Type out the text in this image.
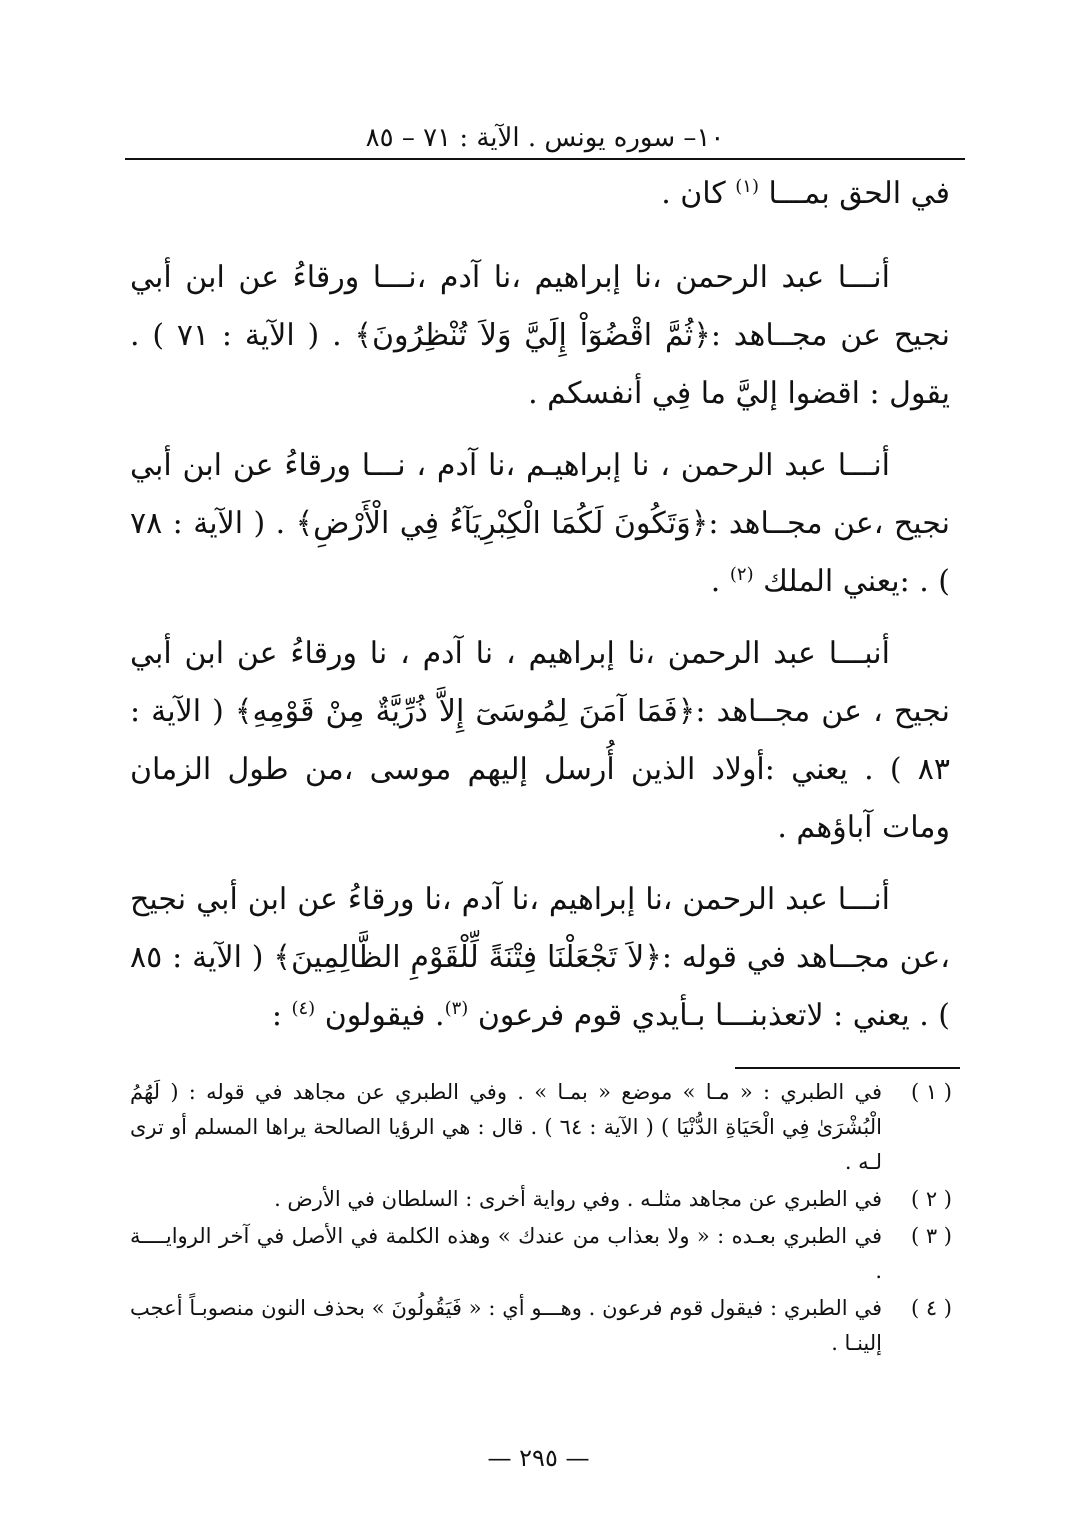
١٠– سوره يونس . الآية : ٧١ – ٨٥

في الحق بمـــا $^{(١)}$ كان .

أنـــا عبد الرحمن ،نا إبراهيم ،نا آدم ،نـــا ورقاءُ عن ابن أبي نجيح عن مجــاهد :﴿ثُمَّ اقْضُوٓاْ إِلَيَّ وَلاَ تُنْظِرُونَ﴾ . ( الآية : ٧١ ) . يقول : اقضوا إليَّ ما فِي أنفسكم .

أنـــا عبد الرحمن ، نا إبراهيـم ،نا آدم ، نـــا ورقاءُ عن ابن أبي نجيح ،عن مجــاهد :﴿وَتَكُونَ لَكُمَا الْكِبْرِيَآءُ فِي الْأَرْضِ﴾ . ( الآية : ٧٨ ) . :يعني الملك $^{(٢)}$ .

أنبـــا عبد الرحمن ،نا إبراهيم ، نا آدم ، نا ورقاءُ عن ابن أبي نجيح ، عن مجــاهد :﴿فَمَا آمَنَ لِمُوسَىٓ إِلاَّ ذُرِّيَّةٌ مِنْ قَوْمِهِ﴾ ( الآية : ٨٣ ) . يعني :أولاد الذين أُرسل إليهم موسى ،من طول الزمان ومات آباؤهم .

أنـــا عبد الرحمن ،نا إبراهيم ،نا آدم ،نا ورقاءُ عن ابن أبي نجيح ،عن مجــاهد في قوله :﴿لاَ تَجْعَلْنَا فِتْنَةً لِّلْقَوْمِ الظَّالِمِينَ﴾ ( الآية : ٨٥ ) . يعني : لاتعذبنـــا بـأيدي قوم فرعون $^{(٣)}$. فيقولون $^{(٤)}$ :

( ١ )
في الطبري : « مـا » موضع « بمـا » . وفي الطبري عن مجاهد في قوله : ( لَهُمُ الْبُشْرَىٰ فِي الْحَيَاةِ الدُّنْيَا ) ( الآية : ٦٤ ) . قال : هي الرؤيا الصالحة يراها المسلم أو ترى لـه .
( ٢ )
في الطبري عن مجاهد مثلـه . وفي رواية أخرى : السلطان في الأرض .
( ٣ )
في الطبري بعـده : « ولا بعذاب من عندك » وهذه الكلمة في الأصل في آخر الروايــــة .
( ٤ )
في الطبري : فيقول قوم فرعون . وهـــو أي : « فَيَقُولُونَ » بحذف النون منصوبـاً أعجب إلينـا .
— ٢٩٥ —
